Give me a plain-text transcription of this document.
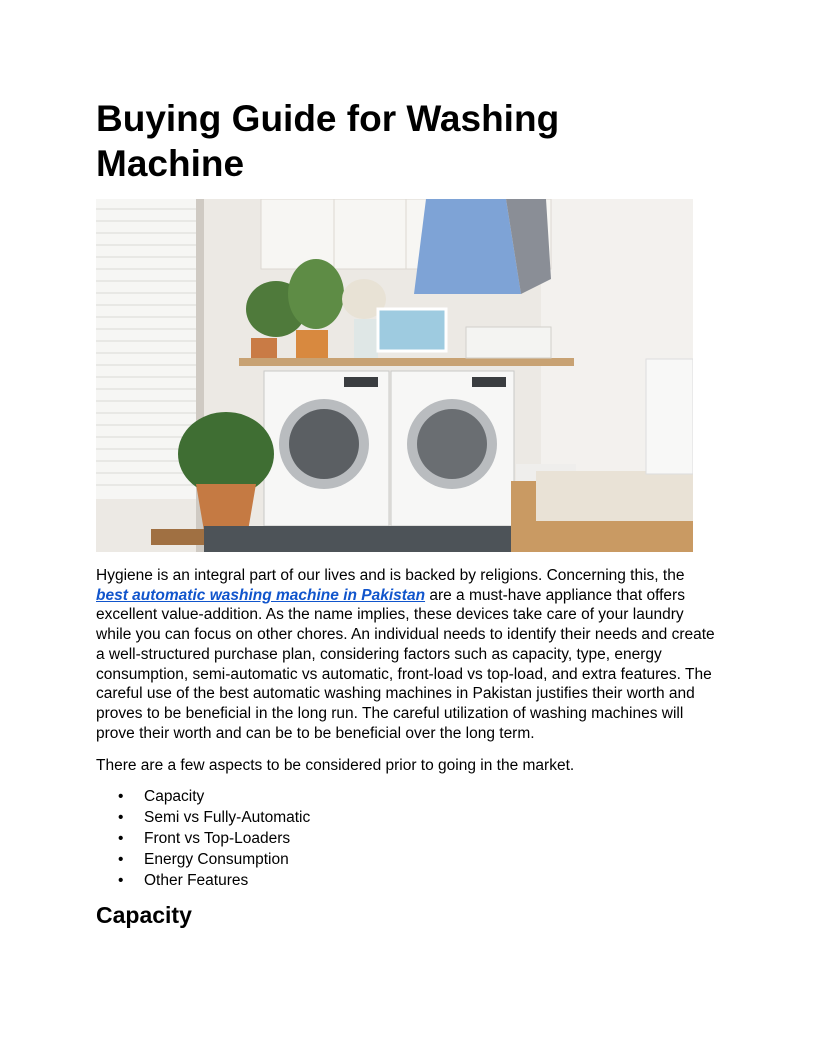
Buying Guide for Washing Machine

Hygiene is an integral part of our lives and is backed by religions. Concerning this, the best automatic washing machine in Pakistan are a must-have appliance that offers excellent value-addition. As the name implies, these devices take care of your laundry while you can focus on other chores. An individual needs to identify their needs and create a well-structured purchase plan, considering factors such as capacity, type, energy consumption, semi-automatic vs automatic, front-load vs top-load, and extra features. The careful use of the best automatic washing machines in Pakistan justifies their worth and proves to be beneficial in the long run. The careful utilization of washing machines will prove their worth and can be to be beneficial over the long term.

There are a few aspects to be considered prior to going in the market.

• Capacity
• Semi vs Fully-Automatic
• Front vs Top-Loaders
• Energy Consumption
• Other Features
Capacity
